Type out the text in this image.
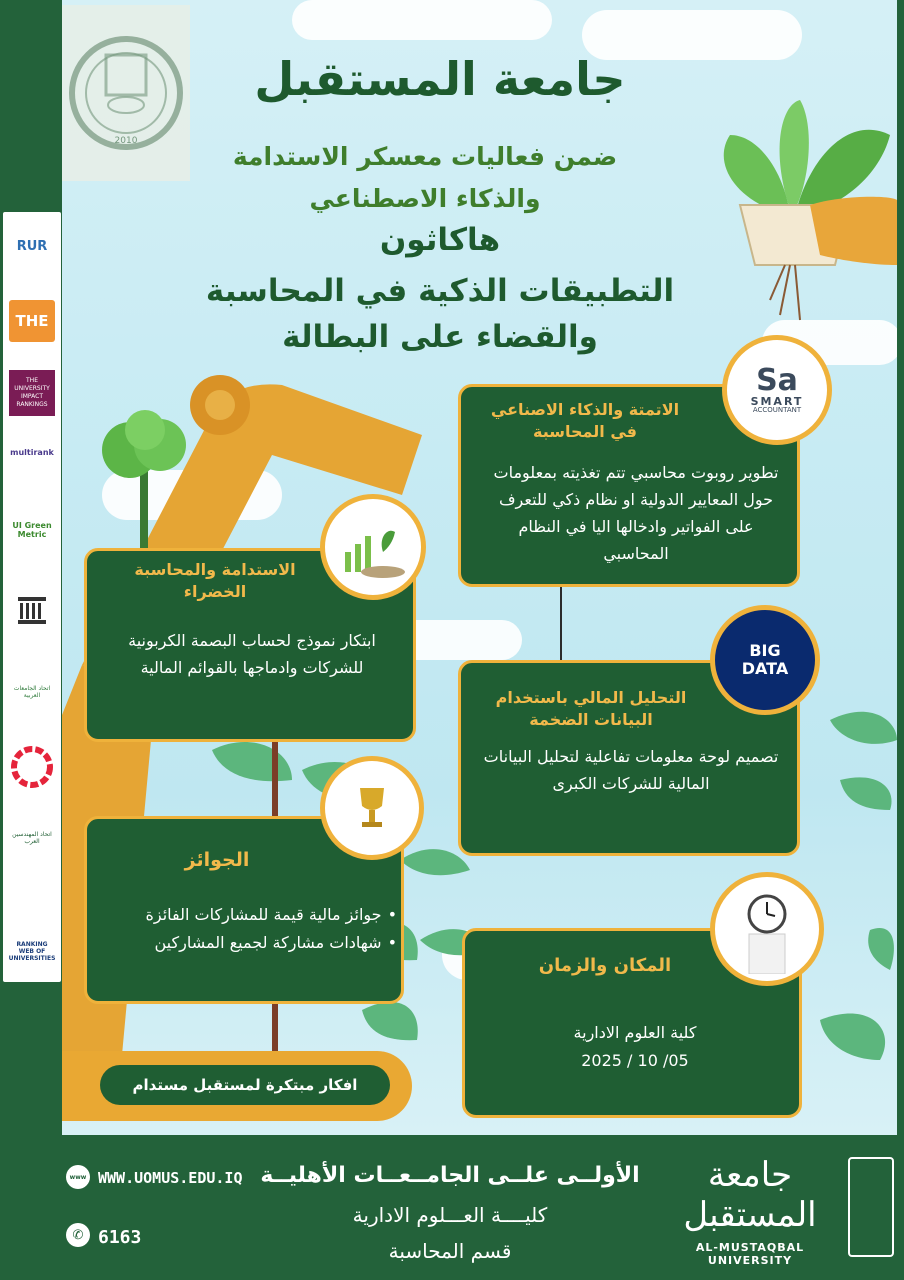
2010
RUR
THE
THE UNIVERSITY IMPACT RANKINGS
multirank
UI Green Metric
اتحاد الجامعات العربية
اتحاد المهندسين العرب
RANKING WEB OF UNIVERSITIES
جامعة المستقبل
ضمن فعاليات معسكر الاستدامة
والذكاء الاصطناعي
هاكاثون
التطبيقات الذكية في المحاسبة
والقضاء على البطالة
الاتمتة والذكاء الاصناعي في المحاسبة
تطوير روبوت محاسبي تتم تغذيته بمعلومات حول المعايير الدولية او نظام ذكي للتعرف على الفواتير وادخالها اليا في النظام المحاسبي
Sa
SMART
ACCOUNTANT
الاستدامة والمحاسبة الخضراء
ابتكار نموذج لحساب البصمة الكربونية للشركات وادماجها بالقوائم المالية
التحليل المالي باستخدام البيانات الضخمة
تصميم لوحة معلومات تفاعلية لتحليل البيانات المالية للشركات الكبرى
BIG DATA
الجوائز
•جوائز مالية قيمة للمشاركات الفائزة
•شهادات مشاركة لجميع المشاركين
المكان والزمان
كلية العلوم الادارية
2025 / 10 /05
افكار مبتكرة لمستقبل مستدام
www WWW.UOMUS.EDU.IQ
✆ 6163
الأولــى علــى الجامــعــات الأهليــة
كليــــة العـــلوم الادارية
قسم المحاسبة
جامعة المستقبل
AL-MUSTAQBAL UNIVERSITY
